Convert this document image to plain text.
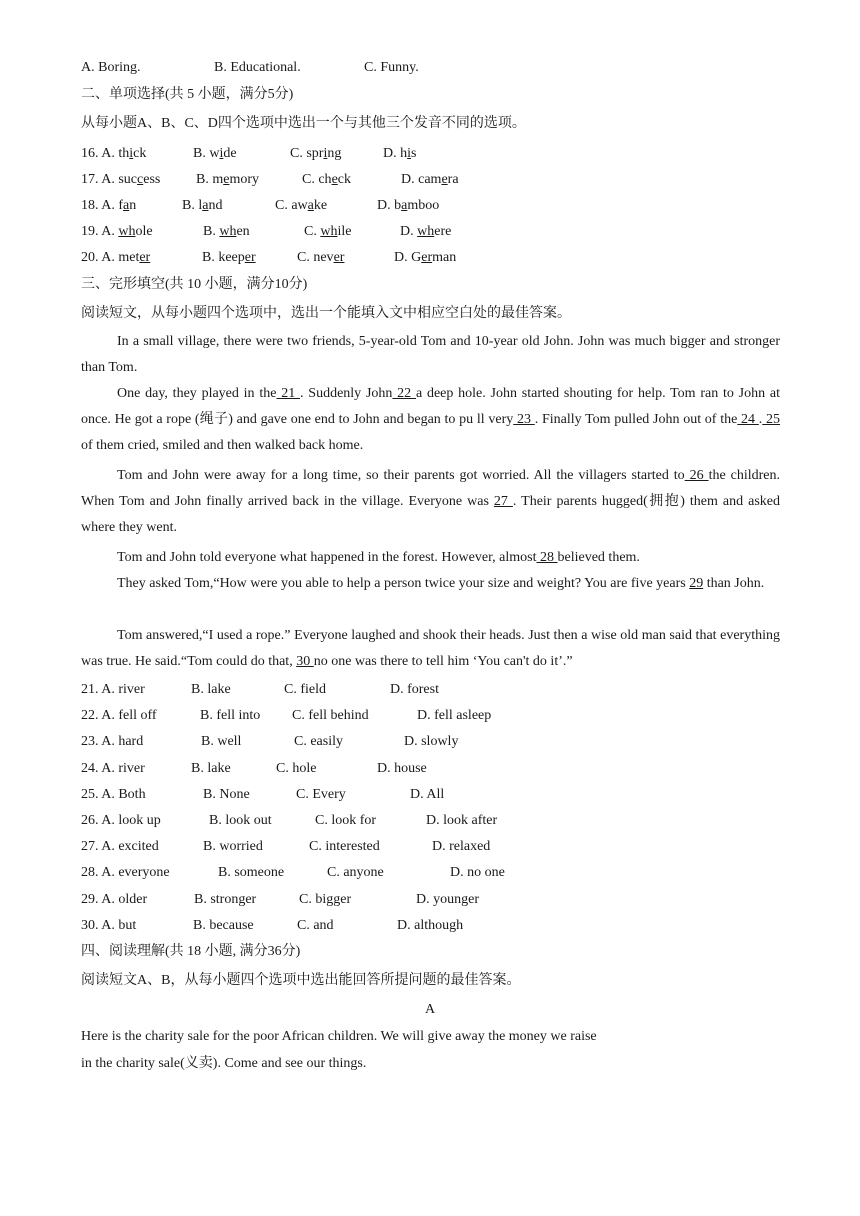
A. Boring.	B. Educational.	C. Funny.
二、单项选择(共 5 小题，满分5分)
从每小题A、B、C、D四个选项中选出一个与其他三个发音不同的选项。
16. A. thick	B. wide	C. spring	D. his
17. A. success	B. memory	C. check	D. camera
18. A. fan	B. land	C. awake	D. bamboo
19. A. whole	B. when	C. while	D. where
20. A. meter	B. keeper	C. never	D. German
三、完形填空(共 10 小题，满分10分)
阅读短文，从每小题四个选项中，选出一个能填入文中相应空白处的最佳答案。
In a small village, there were two friends, 5-year-old Tom and 10-year old John. John was much bigger and stronger than Tom.
One day, they played in the 21 . Suddenly John 22 a deep hole. John started shouting for help. Tom ran to John at once. He got a rope (绳子) and gave one end to John and began to pu ll very 23 . Finally Tom pulled John out of the 24 . 25 of them cried, smiled and then walked back home.
Tom and John were away for a long time, so their parents got worried. All the villagers started to 26 the children. When Tom and John finally arrived back in the village. Everyone was 27 . Their parents hugged(拥抱) them and asked where they went.
Tom and John told everyone what happened in the forest. However, almost 28 believed them.
They asked Tom,“How were you able to help a person twice your size and weight? You are five years 29 than John.
Tom answered,“I used a rope.” Everyone laughed and shook their heads. Just then a wise old man said that everything was true. He said.“Tom could do that, 30 no one was there to tell him ‘You can't do it’.”
21. A. river	B. lake	C. field	D. forest
22. A. fell off	B. fell into C. fell behind	D. fell asleep
23. A. hard	B. well	C. easily	D. slowly
24. A. river	B. lake	C. hole	D. house
25. A. Both	B. None	C. Every	D. All
26. A. look up	B. look out	C. look for	D. look after
27. A. excited	B. worried	C. interested	D. relaxed
28. A. everyone	B. someone	C. anyone	D. no one
29. A. older	B. stronger	C. bigger	D. younger
30. A. but	B. because	C. and	D. although
四、阅读理解(共 18 小题, 满分36分)
阅读短文A、B，从每小题四个选项中选出能回答所提问题的最佳答案。
A
Here is the charity sale for the poor African children. We will give away the money we raise
in the charity sale(义卖). Come and see our things.
